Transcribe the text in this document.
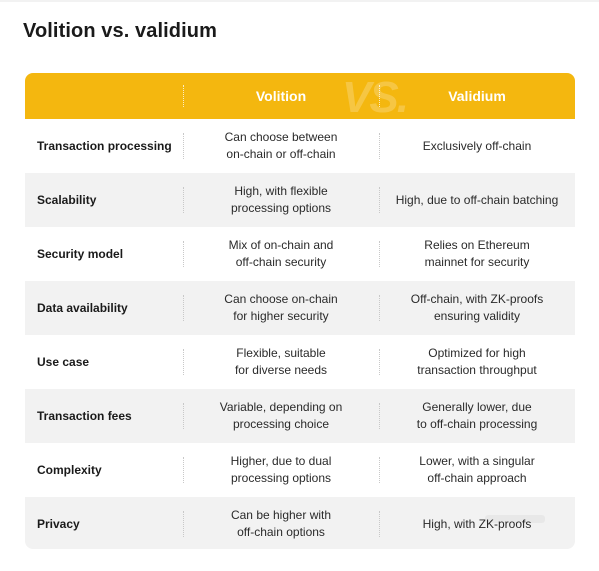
Volition vs. validium
VS.
Volition	Validium
Transaction processing
Can choose between
on-chain or off-chain
Exclusively off-chain
Scalability
High, with flexible
processing options
High, due to off-chain batching
Security model
Mix of on-chain and
off-chain security
Relies on Ethereum
mainnet for security
Data availability
Can choose on-chain
for higher security
Off-chain, with ZK-proofs
ensuring validity
Use case
Flexible, suitable
for diverse needs
Optimized for high
transaction throughput
Transaction fees
Variable, depending on
processing choice
Generally lower, due
to off-chain processing
Complexity
Higher, due to dual
processing options
Lower, with a singular
off-chain approach
Privacy
Can be higher with
off-chain options
High, with ZK-proofs
